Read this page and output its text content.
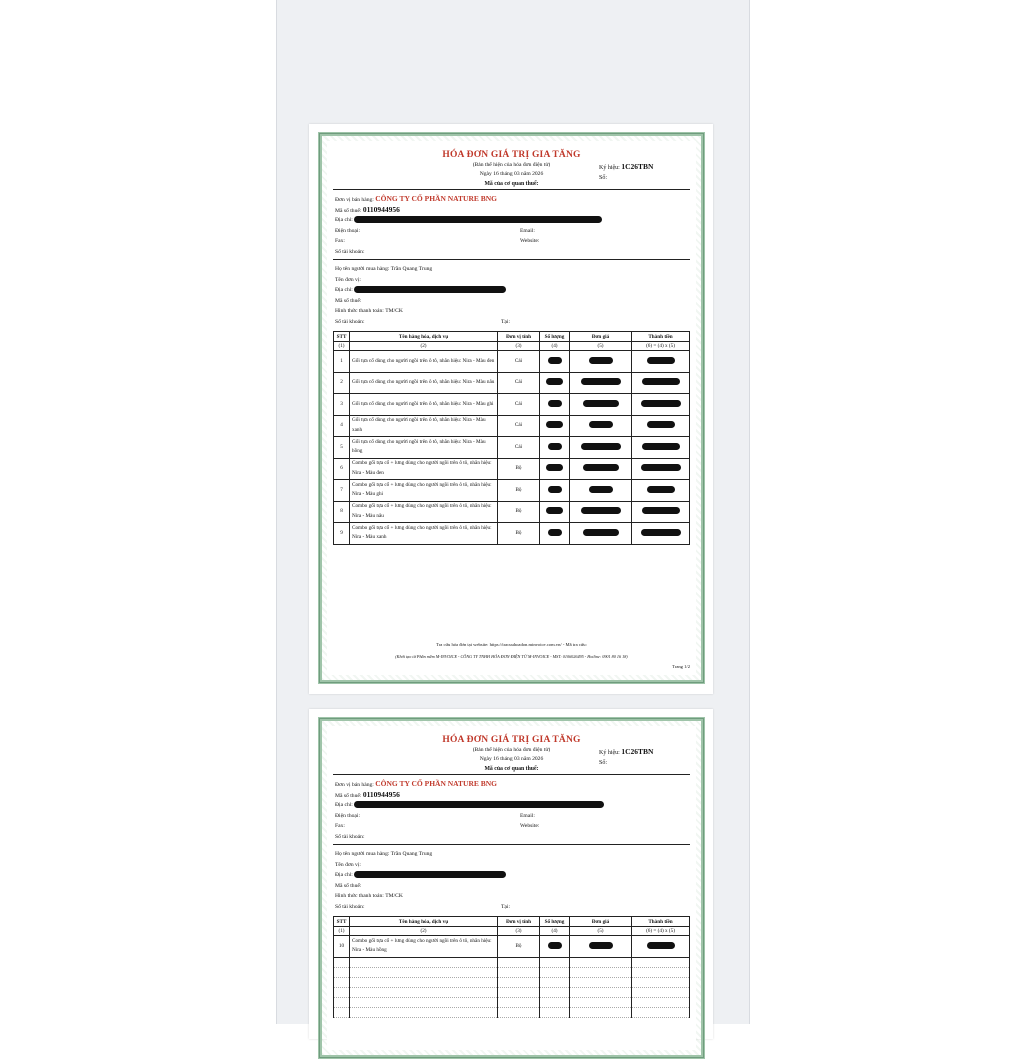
HÓA ĐƠN GIÁ TRỊ GIA TĂNG
(Bản thể hiện của hóa đơn điện tử)
Ngày 16 tháng 03 năm 2026
Mã của cơ quan thuế:
Ký hiệu: 1C26TBN
Số:
Đơn vị bán hàng: CÔNG TY CỔ PHẦN NATURE BNG
Mã số thuế: 0110944956
Địa chỉ:
Điện thoại:	Email:
Fax:	Website:
Số tài khoản:
Họ tên người mua hàng: Trần Quang Trung
Tên đơn vị:
Địa chỉ:
Mã số thuế:
Hình thức thanh toán: TM/CK
Số tài khoản:	Tại:
STT	Tên hàng hóa, dịch vụ	Đơn vị tính	Số lượng	Đơn giá	Thành tiền
(1)	(2)	(3)	(4)	(5)	(6) = (4) x (5)
1	Gối tựa cổ dùng cho người ngồi trên ô tô, nhãn hiệu: Nira - Màu đen	Cái			
2	Gối tựa cổ dùng cho người ngồi trên ô tô, nhãn hiệu: Nira - Màu nâu	Cái			
3	Gối tựa cổ dùng cho người ngồi trên ô tô, nhãn hiệu: Nira - Màu ghi	Cái			
4	Gối tựa cổ dùng cho người ngồi trên ô tô, nhãn hiệu: Nira - Màu xanh	Cái			
5	Gối tựa cổ dùng cho người ngồi trên ô tô, nhãn hiệu: Nira - Màu hồng	Cái			
6	Combo gối tựa cổ + lưng dùng cho người ngồi trên ô tô, nhãn hiệu: Nira - Màu đen	Bộ			
7	Combo gối tựa cổ + lưng dùng cho người ngồi trên ô tô, nhãn hiệu: Nira - Màu ghi	Bộ			
8	Combo gối tựa cổ + lưng dùng cho người ngồi trên ô tô, nhãn hiệu: Nira - Màu nâu	Bộ			
9	Combo gối tựa cổ + lưng dùng cho người ngồi trên ô tô, nhãn hiệu: Nira - Màu xanh	Bộ			
Tra cứu hóa đơn tại website: https://tracuuhoadon.minvoice.com.vn/ - Mã tra cứu:
(Khởi tạo từ Phần mềm M-INVOICE - CÔNG TY TNHH HÓA ĐƠN ĐIỆN TỬ M-INVOICE - MST: 0106026495 - Hotline: 0901 80 16 18)
Trang 1/2
HÓA ĐƠN GIÁ TRỊ GIA TĂNG
(Bản thể hiện của hóa đơn điện tử)
Ngày 16 tháng 03 năm 2026
Mã của cơ quan thuế:
Ký hiệu: 1C26TBN
Số:
Đơn vị bán hàng: CÔNG TY CỔ PHẦN NATURE BNG
Mã số thuế: 0110944956
Địa chỉ:
Điện thoại:	Email:
Fax:	Website:
Số tài khoản:
Họ tên người mua hàng: Trần Quang Trung
Tên đơn vị:
Địa chỉ:
Mã số thuế:
Hình thức thanh toán: TM/CK
Số tài khoản:	Tại:
STT	Tên hàng hóa, dịch vụ	Đơn vị tính	Số lượng	Đơn giá	Thành tiền
(1)	(2)	(3)	(4)	(5)	(6) = (4) x (5)
10	Combo gối tựa cổ + lưng dùng cho người ngồi trên ô tô, nhãn hiệu: Nira - Màu hồng	Bộ			
